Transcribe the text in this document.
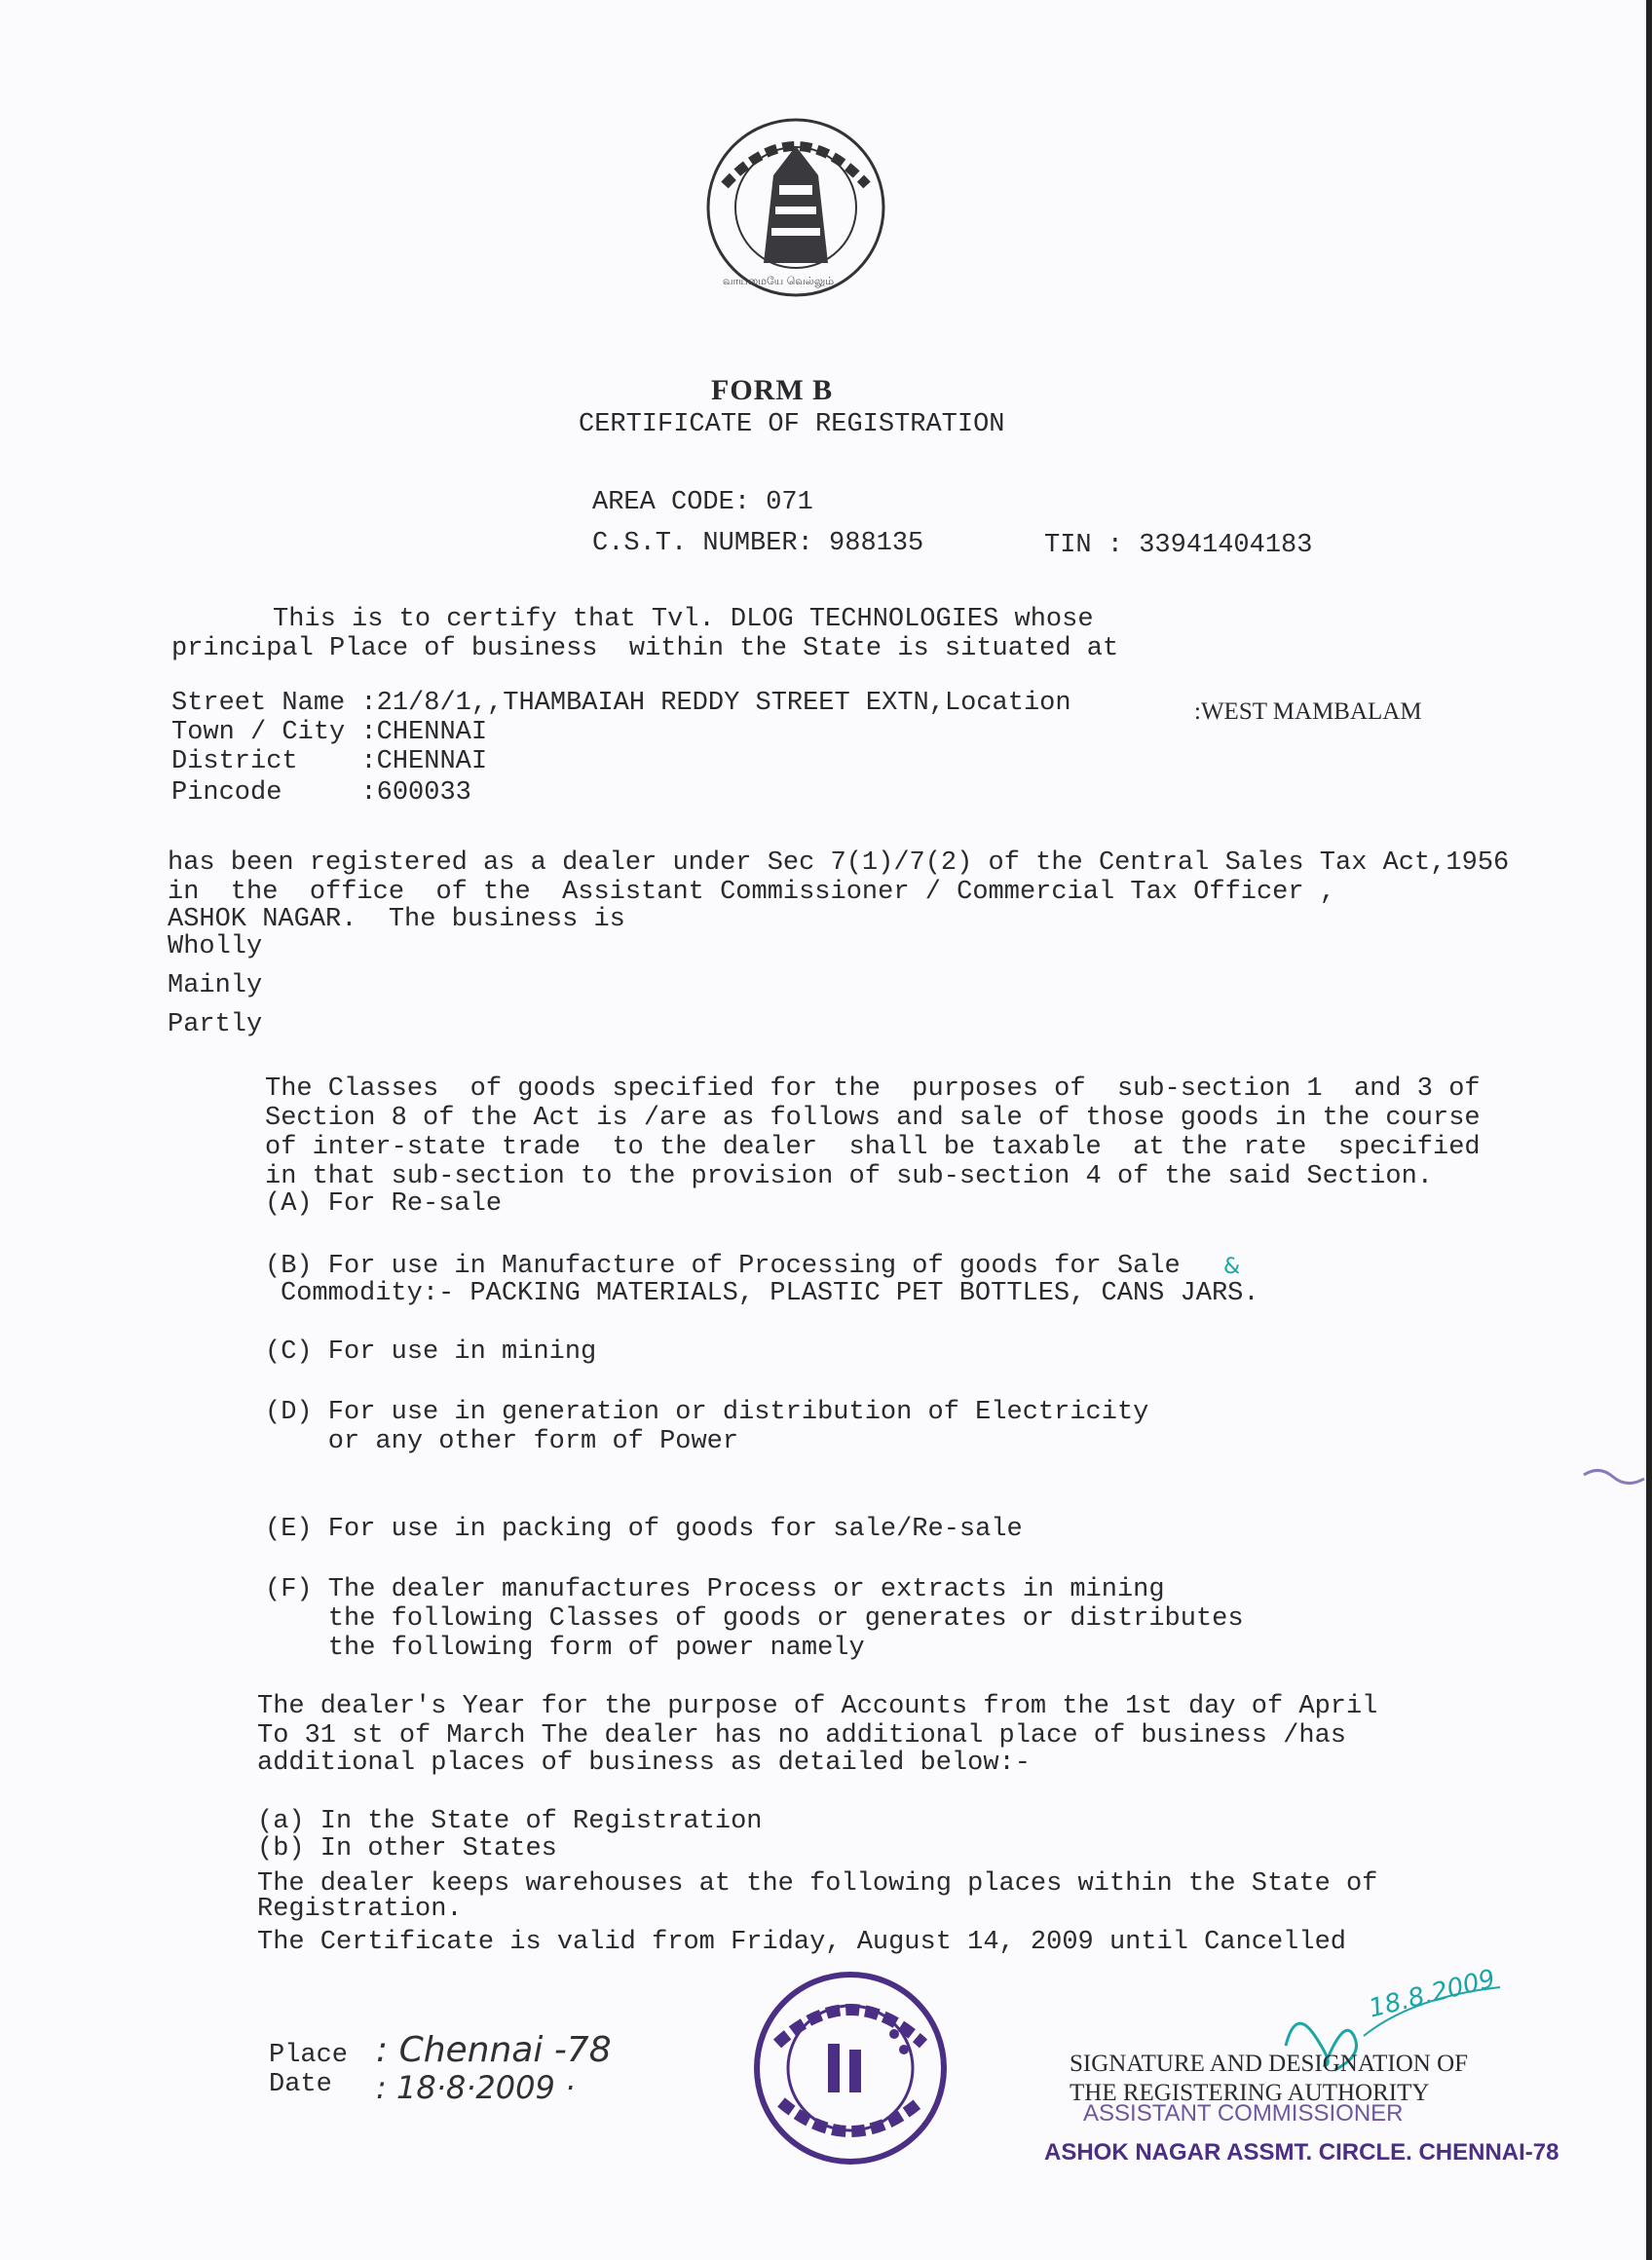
வாய்மையே வெல்லும்
FORM B
CERTIFICATE OF REGISTRATION
AREA CODE: 071
C.S.T. NUMBER: 988135	TIN : 33941404183
This is to certify that Tvl. DLOG TECHNOLOGIES whose
principal Place of business  within the State is situated at
Street Name :21/8/1,,THAMBAIAH REDDY STREET EXTN,Location	:WEST MAMBALAM
Town / City :CHENNAI
District    :CHENNAI
Pincode     :600033
has been registered as a dealer under Sec 7(1)/7(2) of the Central Sales Tax Act,1956
in  the  office  of the  Assistant Commissioner / Commercial Tax Officer ,
ASHOK NAGAR.  The business is
Wholly
Mainly
Partly
The Classes  of goods specified for the  purposes of  sub-section 1  and 3 of
Section 8 of the Act is /are as follows and sale of those goods in the course
of inter-state trade  to the dealer  shall be taxable  at the rate  specified
in that sub-section to the provision of sub-section 4 of the said Section.
(A) For Re-sale
(B) For use in Manufacture of Processing of goods for Sale
Commodity:- PACKING MATERIALS, PLASTIC PET BOTTLES, CANS JARS.
&
(C) For use in mining
(D) For use in generation or distribution of Electricity
or any other form of Power
(E) For use in packing of goods for sale/Re-sale
(F) The dealer manufactures Process or extracts in mining
the following Classes of goods or generates or distributes
the following form of power namely
The dealer's Year for the purpose of Accounts from the 1st day of April
To 31 st of March The dealer has no additional place of business /has
additional places of business as detailed below:-
(a) In the State of Registration
(b) In other States
The dealer keeps warehouses at the following places within the State of
Registration.
The Certificate is valid from Friday, August 14, 2009 until Cancelled
Place : Chennai -78
Date : 18·8·2009 ·
18.8.2009
SIGNATURE AND DESIGNATION OF
THE REGISTERING AUTHORITY
ASSISTANT COMMISSIONER
ASHOK NAGAR ASSMT. CIRCLE. CHENNAI-78
